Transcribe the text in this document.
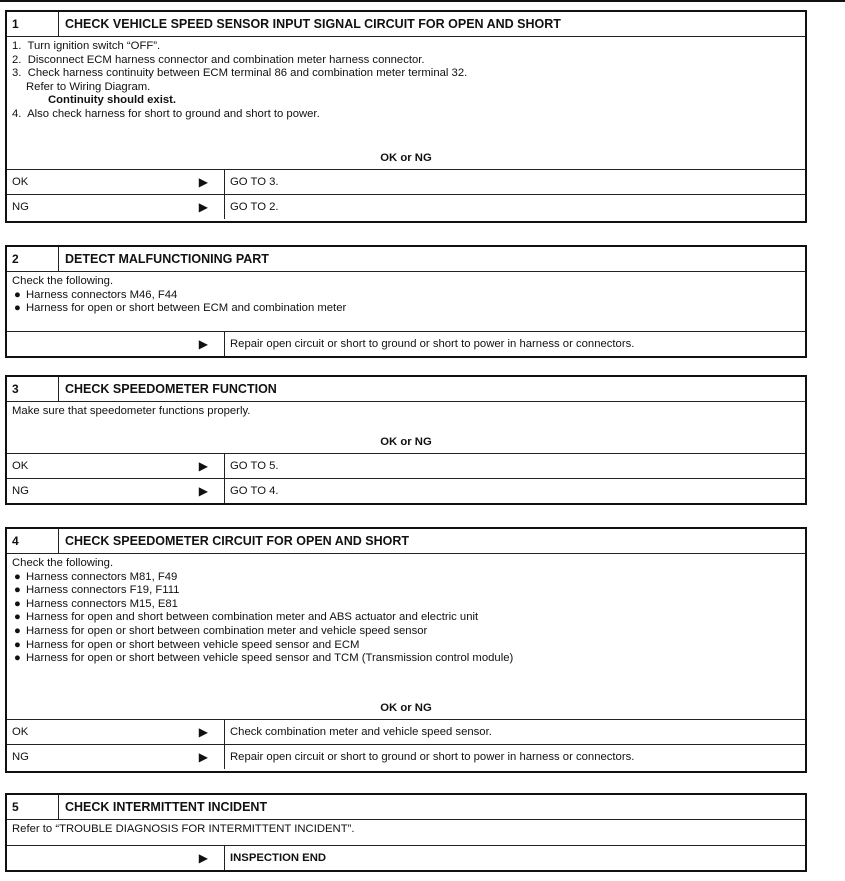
1	CHECK VEHICLE SPEED SENSOR INPUT SIGNAL CIRCUIT FOR OPEN AND SHORT
1.  Turn ignition switch “OFF”.
2.  Disconnect ECM harness connector and combination meter harness connector.
3.  Check harness continuity between ECM terminal 86 and combination meter terminal 32.
Refer to Wiring Diagram.
Continuity should exist.
4.  Also check harness for short to ground and short to power.
OK or NG
OK	▶	GO TO 3.
NG	▶	GO TO 2.
2	DETECT MALFUNCTIONING PART
Check the following.
● Harness connectors M46, F44
● Harness for open or short between ECM and combination meter
▶	Repair open circuit or short to ground or short to power in harness or connectors.
3	CHECK SPEEDOMETER FUNCTION
Make sure that speedometer functions properly.
OK or NG
OK	▶	GO TO 5.
NG	▶	GO TO 4.
4	CHECK SPEEDOMETER CIRCUIT FOR OPEN AND SHORT
Check the following.
● Harness connectors M81, F49
● Harness connectors F19, F111
● Harness connectors M15, E81
● Harness for open and short between combination meter and ABS actuator and electric unit
● Harness for open or short between combination meter and vehicle speed sensor
● Harness for open or short between vehicle speed sensor and ECM
● Harness for open or short between vehicle speed sensor and TCM (Transmission control module)
OK or NG
OK	▶	Check combination meter and vehicle speed sensor.
NG	▶	Repair open circuit or short to ground or short to power in harness or connectors.
5	CHECK INTERMITTENT INCIDENT
Refer to “TROUBLE DIAGNOSIS FOR INTERMITTENT INCIDENT”.
▶	INSPECTION END
